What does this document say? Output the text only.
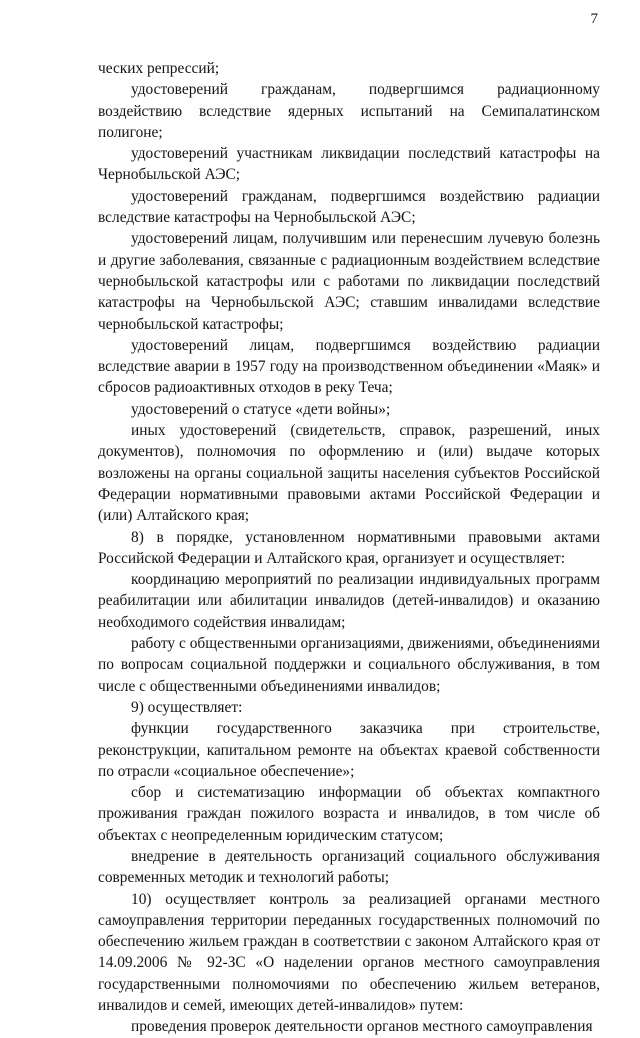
7

ческих репрессий;

удостоверений гражданам, подвергшимся радиационному воздействию вследствие ядерных испытаний на Семипалатинском полигоне;

удостоверений участникам ликвидации последствий катастрофы на Чернобыльской АЭС;

удостоверений гражданам, подвергшимся воздействию радиации вследствие катастрофы на Чернобыльской АЭС;

удостоверений лицам, получившим или перенесшим лучевую болезнь и другие заболевания, связанные с радиационным воздействием вследствие чернобыльской катастрофы или с работами по ликвидации последствий катастрофы на Чернобыльской АЭС; ставшим инвалидами вследствие чернобыльской катастрофы;

удостоверений лицам, подвергшимся воздействию радиации вследствие аварии в 1957 году на производственном объединении «Маяк» и сбросов радиоактивных отходов в реку Теча;

удостоверений о статусе «дети войны»;

иных удостоверений (свидетельств, справок, разрешений, иных документов), полномочия по оформлению и (или) выдаче которых возложены на органы социальной защиты населения субъектов Российской Федерации нормативными правовыми актами Российской Федерации и (или) Алтайского края;

8) в порядке, установленном нормативными правовыми актами Российской Федерации и Алтайского края, организует и осуществляет:

координацию мероприятий по реализации индивидуальных программ реабилитации или абилитации инвалидов (детей-инвалидов) и оказанию необходимого содействия инвалидам;

работу с общественными организациями, движениями, объединениями по вопросам социальной поддержки и социального обслуживания, в том числе с общественными объединениями инвалидов;

9) осуществляет:

функции государственного заказчика при строительстве, реконструкции, капитальном ремонте на объектах краевой собственности по отрасли «социальное обеспечение»;

сбор и систематизацию информации об объектах компактного проживания граждан пожилого возраста и инвалидов, в том числе об объектах с неопределенным юридическим статусом;

внедрение в деятельность организаций социального обслуживания современных методик и технологий работы;

10) осуществляет контроль за реализацией органами местного самоуправления территории переданных государственных полномочий по обеспечению жильем граждан в соответствии с законом Алтайского края от 14.09.2006 № 92-ЗС «О наделении органов местного самоуправления государственными полномочиями по обеспечению жильем ветеранов, инвалидов и семей, имеющих детей-инвалидов» путем:

проведения проверок деятельности органов местного самоуправления
